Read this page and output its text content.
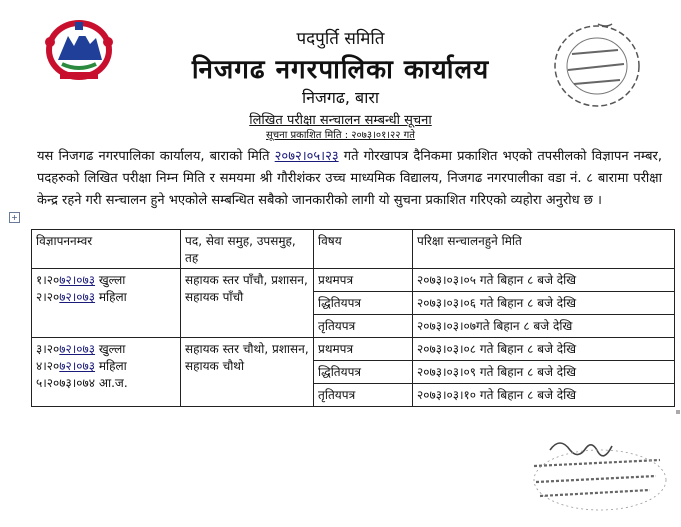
पदपुर्ति समिति
निजगढ नगरपालिका कार्यालय
निजगढ, बारा
लिखित परीक्षा सन्चालन सम्बन्धी सूचना
सूचना प्रकाशित मिति : २०७३।०१।२२ गते
यस निजगढ नगरपालिका कार्यालय, बाराको मिति २०७२।०५।२३ गते गोरखापत्र दैनिकमा प्रकाशित भएको तपसीलको विज्ञापन नम्बर, पदहरुको लिखित परीक्षा निम्न मिति र समयमा श्री गौरीशंकर उच्च माध्यमिक विद्यालय, निजगढ नगरपालीका वडा नं. ८ बारामा परीक्षा केन्द्र रहने गरी सन्चालन हुने भएकोले सम्बन्धित सबैको जानकारीको लागी यो सुचना प्रकाशित गरिएको व्यहोरा अनुरोध छ ।
+
विज्ञापननम्वर	पद, सेवा समुह, उपसमुह, तह	विषय	परिक्षा सन्चालनहुने मिति

१।२०७२।०७३ खुल्ला
२।२०७२।०७३ महिला	सहायक स्तर पाँचौ, प्रशासन, सहायक पाँचौ	प्रथमपत्र	२०७३।०३।०५ गते बिहान ८ बजे देखि
		द्धितियपत्र	२०७३।०३।०६ गते बिहान ८ बजे देखि
		तृतियपत्र	२०७३।०३।०७गते बिहान ८ बजे देखि

३।२०७२।०७३ खुल्ला
४।२०७२।०७३ महिला
५।२०७३।०७४ आ.ज.	सहायक स्तर चौथो, प्रशासन, सहायक चौथो	प्रथमपत्र	२०७३।०३।०८ गते बिहान ८ बजे देखि
		द्धितियपत्र	२०७३।०३।०९ गते बिहान ८ बजे देखि
		तृतियपत्र	२०७३।०३।१० गते बिहान ८ बजे देखि
